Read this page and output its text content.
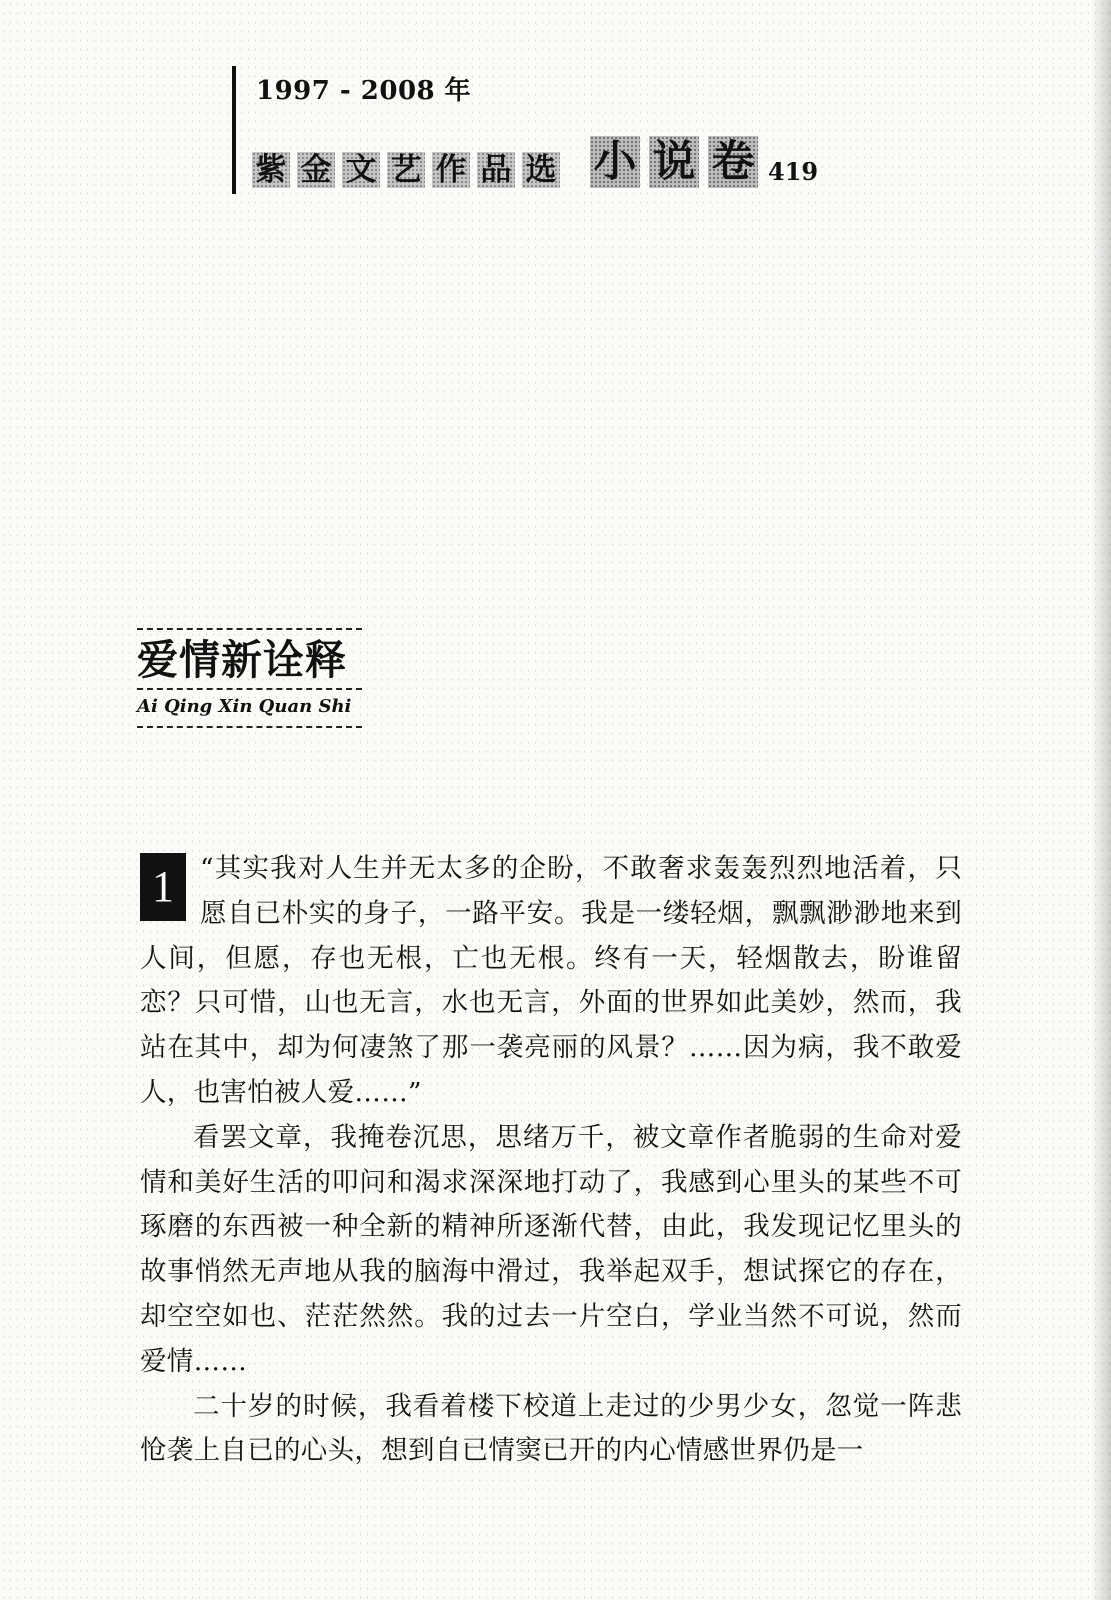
1997 - 2008 年
紫 金 文 艺 作 品 选 小 说 卷 419
爱情新诠释
Ai Qing Xin Quan Shi
1 “其实我对人生并无太多的企盼，不敢奢求轰轰烈烈地活着，只愿自已朴实的身子，一路平安。我是一缕轻烟，飘飘渺渺地来到人间，但愿，存也无根，亡也无根。终有一天，轻烟散去，盼谁留恋？只可惜，山也无言，水也无言，外面的世界如此美妙，然而，我站在其中，却为何凄煞了那一袭亮丽的风景？……因为病，我不敢爱人，也害怕被人爱……”

看罢文章，我掩卷沉思，思绪万千，被文章作者脆弱的生命对爱情和美好生活的叩问和渴求深深地打动了，我感到心里头的某些不可琢磨的东西被一种全新的精神所逐渐代替，由此，我发现记忆里头的故事悄然无声地从我的脑海中滑过，我举起双手，想试探它的存在，却空空如也、茫茫然然。我的过去一片空白，学业当然不可说，然而爱情……

二十岁的时候，我看着楼下校道上走过的少男少女，忽觉一阵悲怆袭上自已的心头，想到自已情窦已开的内心情感世界仍是一
